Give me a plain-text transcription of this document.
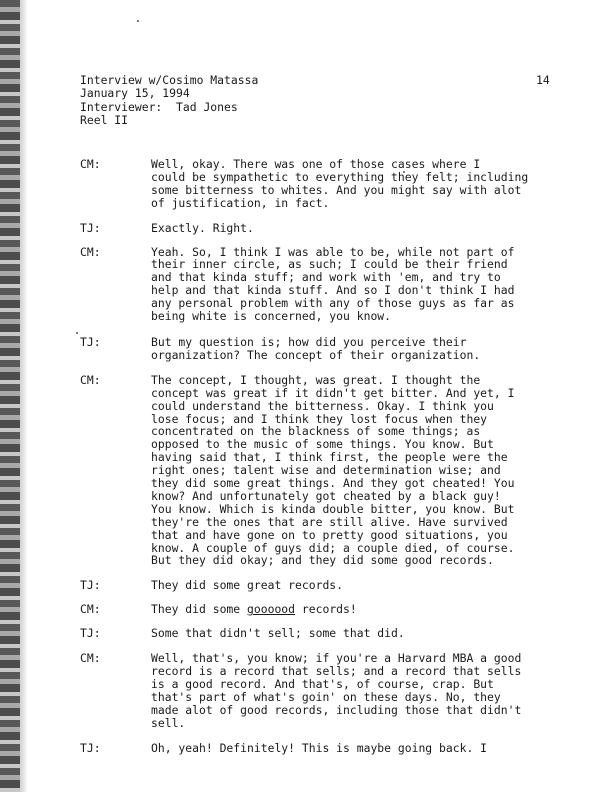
Interview w/Cosimo Matassa
January 15, 1994
Interviewer:  Tad Jones
Reel II
14
CM:	Well, okay. There was one of those cases where I
could be sympathetic to everything they felt; including
some bitterness to whites. And you might say with alot
of justification, in fact.
TJ:	Exactly. Right.
CM:	Yeah. So, I think I was able to be, while not part of
their inner circle, as such; I could be their friend
and that kinda stuff; and work with 'em, and try to
help and that kinda stuff. And so I don't think I had
any personal problem with any of those guys as far as
being white is concerned, you know.
TJ:	But my question is; how did you perceive their
organization? The concept of their organization.
CM:	The concept, I thought, was great. I thought the
concept was great if it didn't get bitter. And yet, I
could understand the bitterness. Okay. I think you
lose focus; and I think they lost focus when they
concentrated on the blackness of some things; as
opposed to the music of some things. You know. But
having said that, I think first, the people were the
right ones; talent wise and determination wise; and
they did some great things. And they got cheated! You
know? And unfortunately got cheated by a black guy!
You know. Which is kinda double bitter, you know. But
they're the ones that are still alive. Have survived
that and have gone on to pretty good situations, you
know. A couple of guys did; a couple died, of course.
But they did okay; and they did some good records.
TJ:	They did some great records.
CM:	They did some goooood records!
TJ:	Some that didn't sell; some that did.
CM:	Well, that's, you know; if you're a Harvard MBA a good
record is a record that sells; and a record that sells
is a good record. And that's, of course, crap. But
that's part of what's goin' on these days. No, they
made alot of good records, including those that didn't
sell.
TJ:	Oh, yeah! Definitely! This is maybe going back. I
